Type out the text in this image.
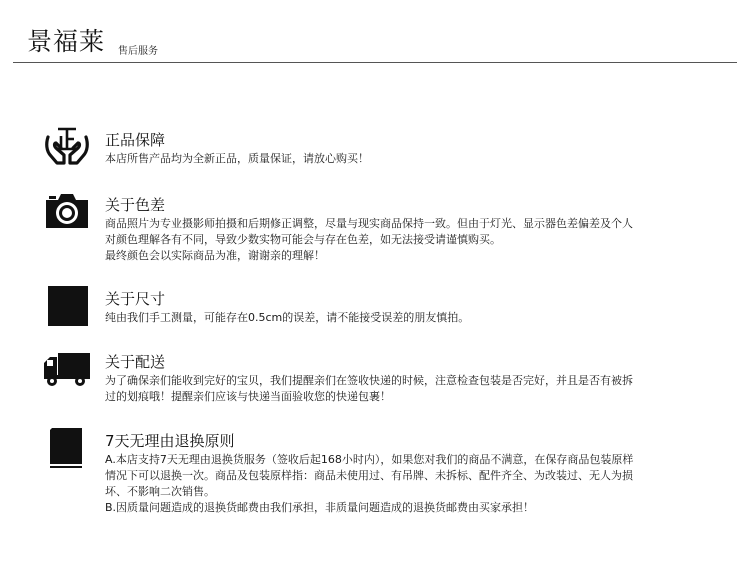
景福莱 售后服务
正品保障

本店所售产品均为全新正品，质量保证，请放心购买！

关于色差

商品照片为专业摄影师拍摄和后期修正调整，尽量与现实商品保持一致。但由于灯光、显示器色差偏差及个人

对颜色理解各有不同，导致少数实物可能会与存在色差，如无法接受请谨慎购买。

最终颜色会以实际商品为准，谢谢亲的理解！

关于尺寸

纯由我们手工测量，可能存在0.5cm的误差，请不能接受误差的朋友慎拍。

关于配送

为了确保亲们能收到完好的宝贝，我们提醒亲们在签收快递的时候，注意检查包装是否完好，并且是否有被拆

过的划痕哦！提醒亲们应该与快递当面验收您的快递包裹！

7天无理由退换原则

A.本店支持7天无理由退换货服务（签收后起168小时内），如果您对我们的商品不满意，在保存商品包装原样

情况下可以退换一次。商品及包装原样指：商品未使用过、有吊牌、未拆标、配件齐全、为改装过、无人为损

坏、不影响二次销售。

B.因质量问题造成的退换货邮费由我们承担，非质量问题造成的退换货邮费由买家承担！
